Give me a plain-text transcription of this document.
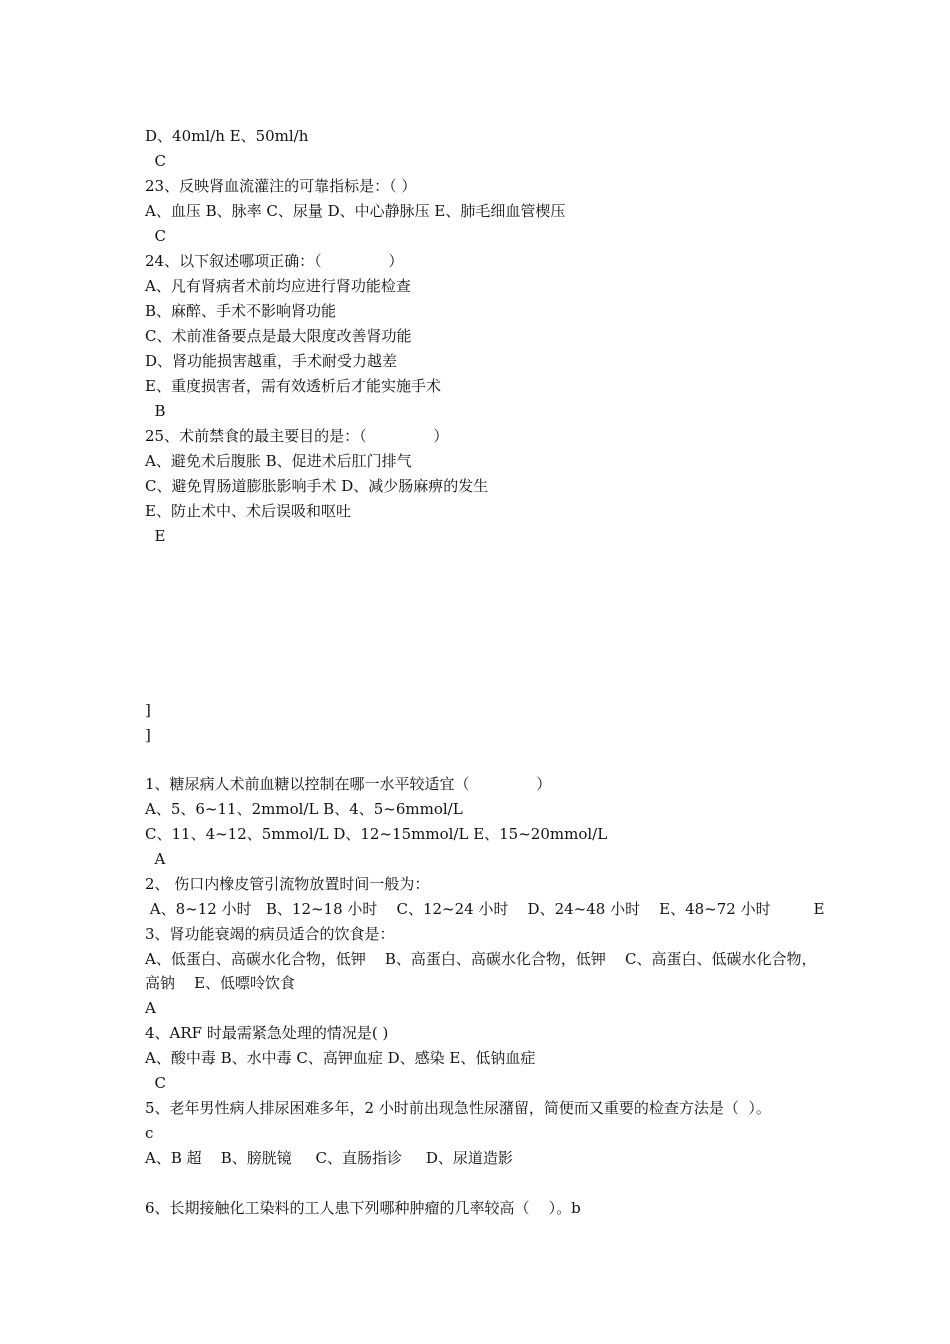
D、40ml/h E、50ml/h
C
23、反映肾血流灌注的可靠指标是：（ ）
A、血压 B、脉率 C、尿量 D、中心静脉压 E、肺毛细血管楔压
C
24、以下叙述哪项正确：（              ）
A、凡有肾病者术前均应进行肾功能检查
B、麻醉、手术不影响肾功能
C、术前准备要点是最大限度改善肾功能
D、肾功能损害越重，手术耐受力越差
E、重度损害者，需有效透析后才能实施手术
B
25、术前禁食的最主要目的是：（              ）
A、避免术后腹胀 B、促进术后肛门排气
C、避免胃肠道膨胀影响手术 D、减少肠麻痹的发生
E、防止术中、术后误吸和呕吐
E
]
]
1、糖尿病人术前血糖以控制在哪一水平较适宜（              ）
A、5、6~11、2mmol/L B、4、5~6mmol/L
C、11、4~12、5mmol/L D、12~15mmol/L E、15~20mmol/L
A
2、 伤口内橡皮管引流物放置时间一般为：
A、8~12 小时   B、12~18 小时    C、12~24 小时    D、24~48 小时    E、48~72 小时         E
3、肾功能衰竭的病员适合的饮食是：
A、低蛋白、高碳水化合物，低钾    B、高蛋白、高碳水化合物，低钾    C、高蛋白、低碳水化合物，
高钠    E、低嘌呤饮食
A
4、ARF 时最需紧急处理的情况是( )
A、酸中毒 B、水中毒 C、高钾血症 D、感染 E、低钠血症
C
5、老年男性病人排尿困难多年，2 小时前出现急性尿潴留，简便而又重要的检查方法是（  ）。
c
A、B 超    B、膀胱镜     C、直肠指诊     D、尿道造影
6、长期接触化工染料的工人患下列哪种肿瘤的几率较高（    ）。b
